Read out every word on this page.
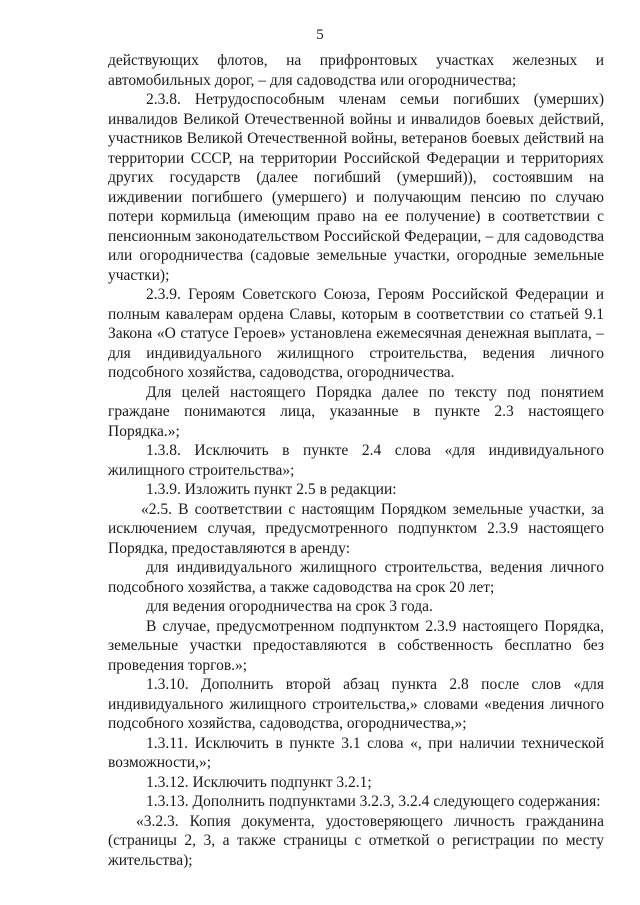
5

действующих флотов, на прифронтовых участках железных и автомобильных дорог, – для садоводства или огородничества;

2.3.8. Нетрудоспособным членам семьи погибших (умерших) инвалидов Великой Отечественной войны и инвалидов боевых действий, участников Великой Отечественной войны, ветеранов боевых действий на территории СССР, на территории Российской Федерации и территориях других государств (далее погибший (умерший)), состоявшим на иждивении погибшего (умершего) и получающим пенсию по случаю потери кормильца (имеющим право на ее получение) в соответствии с пенсионным законодательством Российской Федерации, – для садоводства или огородничества (садовые земельные участки, огородные земельные участки);

2.3.9. Героям Советского Союза, Героям Российской Федерации и полным кавалерам ордена Славы, которым в соответствии со статьей 9.1 Закона «О статусе Героев» установлена ежемесячная денежная выплата, – для индивидуального жилищного строительства, ведения личного подсобного хозяйства, садоводства, огородничества.

Для целей настоящего Порядка далее по тексту под понятием граждане понимаются лица, указанные в пункте 2.3 настоящего Порядка.»;

1.3.8. Исключить в пункте 2.4 слова «для индивидуального жилищного строительства»;

1.3.9. Изложить пункт 2.5 в редакции:

«2.5. В соответствии с настоящим Порядком земельные участки, за исключением случая, предусмотренного подпунктом 2.3.9 настоящего Порядка, предоставляются в аренду:

для индивидуального жилищного строительства, ведения личного подсобного хозяйства, а также садоводства на срок 20 лет;

для ведения огородничества на срок 3 года.

В случае, предусмотренном подпунктом 2.3.9 настоящего Порядка, земельные участки предоставляются в собственность бесплатно без проведения торгов.»;

1.3.10. Дополнить второй абзац пункта 2.8 после слов «для индивидуального жилищного строительства,» словами «ведения личного подсобного хозяйства, садоводства, огородничества,»;

1.3.11. Исключить в пункте 3.1 слова «, при наличии технической возможности,»;

1.3.12. Исключить подпункт 3.2.1;

1.3.13. Дополнить подпунктами 3.2.3, 3.2.4 следующего содержания:

«3.2.3. Копия документа, удостоверяющего личность гражданина (страницы 2, 3, а также страницы с отметкой о регистрации по месту жительства);
